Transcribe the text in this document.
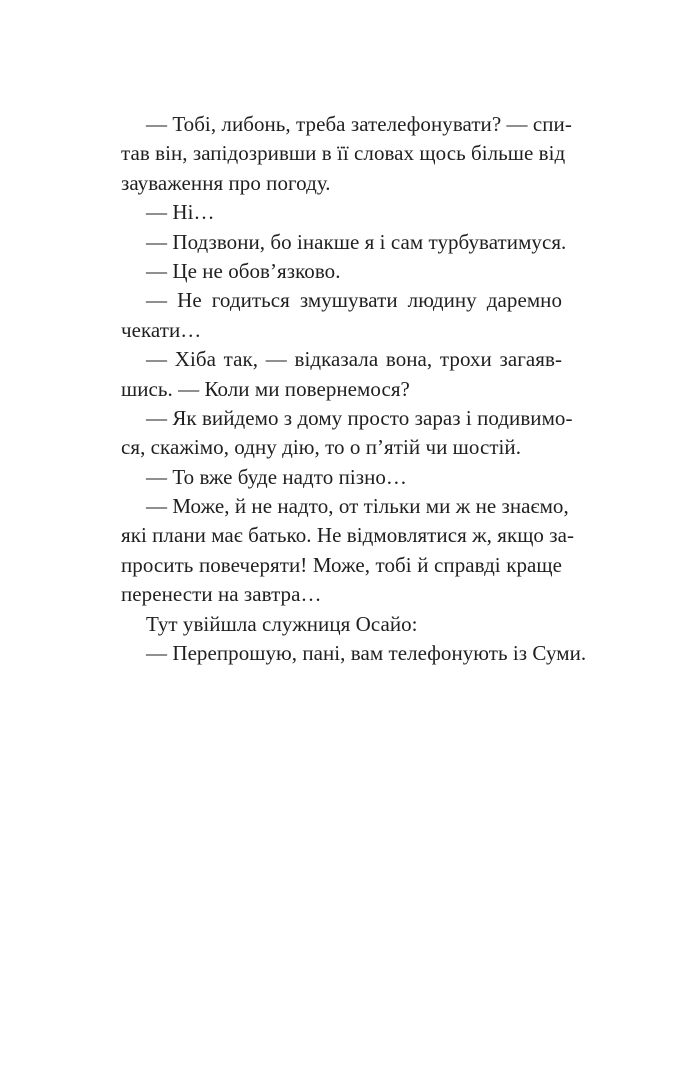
— Тобі, либонь, треба зателефонувати? — спи-
тав він, запідозривши в її словах щось більше від
зауваження про погоду.
— Ні…
— Подзвони, бо інакше я і сам турбуватимуся.
— Це не обов’язково.
— Не годиться змушувати людину даремно
чекати…
— Хіба так, — відказала вона, трохи загаяв-
шись. — Коли ми повернемося?
— Як вийдемо з дому просто зараз і подивимо-
ся, скажімо, одну дію, то о п’ятій чи шостій.
— То вже буде надто пізно…
— Може, й не надто, от тільки ми ж не знаємо,
які плани має батько. Не відмовлятися ж, якщо за-
просить повечеряти! Може, тобі й справді краще
перенести на завтра…
Тут увійшла служниця Осайо:
— Перепрошую, пані, вам телефонують із Суми.
